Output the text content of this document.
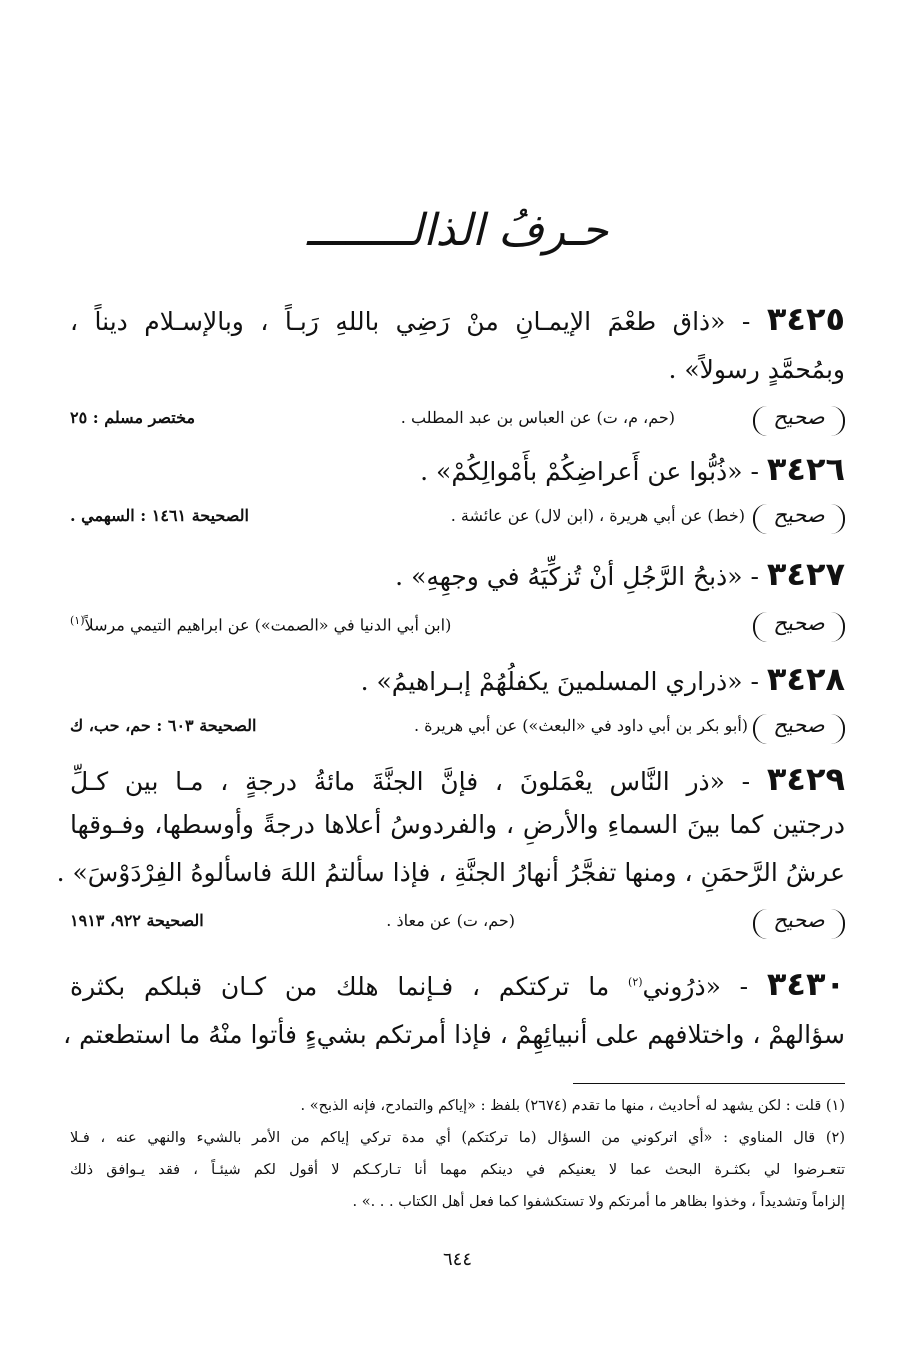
حـرفُ الذالــــــــ
٣٤٢٥ - «ذاق طعْمَ الإيمـانِ منْ رَضِي باللهِ رَبـاً ، وبالإسـلام ديناً ،
وبمُحمَّدٍ رسولاً» .
صحيح
(حم، م، ت) عن العباس بن عبد المطلب .
مختصر مسلم : ٢٥
٣٤٢٦ - «ذُبُّوا عن أَعراضِكُمْ بأَمْوالِكُمْ» .
صحيح
(خط) عن أبي هريرة ، (ابن لال) عن عائشة .
الصحيحة ١٤٦١ : السهمي .
٣٤٢٧ - «ذبحُ الرَّجُلِ أنْ تُزكِّيَهُ في وجهِهِ» .
صحيح
(ابن أبي الدنيا في «الصمت») عن ابراهيم التيمي مرسلاً$^{(١)}$
٣٤٢٨ - «ذراري المسلمينَ يكفلُهُمْ إبـراهيمُ» .
صحيح
(أبو بكر بن أبي داود في «البعث») عن أبي هريرة .
الصحيحة ٦٠٣ : حم، حب، ك
٣٤٢٩ - «ذر النَّاس يعْمَلونَ ، فإنَّ الجنَّةَ مائةُ درجةٍ ، مـا بين كـلِّ
درجتين كما بينَ السماءِ والأرضِ ، والفردوسُ أعلاها درجةً وأوسطها، وفـوقها
عرشُ الرَّحمَنِ ، ومنها تفجَّرُ أنهارُ الجنَّةِ ، فإذا سألتمُ اللهَ فاسألوهُ الفِرْدَوْسَ» .
صحيح
(حم، ت) عن معاذ .
الصحيحة ٩٢٢، ١٩١٣
٣٤٣٠ - «ذرُوني$^{(٢)}$ ما تركتكم ، فـإنما هلك من كـان قبلكم بكثرة
سؤالهمْ ، واختلافهم على أنبيائِهِمْ ، فإذا أمرتكم بشيءٍ فأتوا منْهُ ما استطعتم ،
(١) قلت : لكن يشهد له أحاديث ، منها ما تقدم (٢٦٧٤) بلفظ : «إياكم والتمادح، فإنه الذبح» .
(٢) قال المناوي : «أي اتركوني من السؤال (ما تركتكم) أي مدة تركي إياكم من الأمر بالشيء والنهي عنه ، فـلا
تتعـرضوا لي بكثـرة البحث عما لا يعنيكم في دينكم مهما أنا تـاركـكم لا أقول لكم شيئـاً ، فقد يـوافق ذلك
إلزاماً وتشديداً ، وخذوا بظاهر ما أمرتكم ولا تستكشفوا كما فعل أهل الكتاب . . .» .
٦٤٤
